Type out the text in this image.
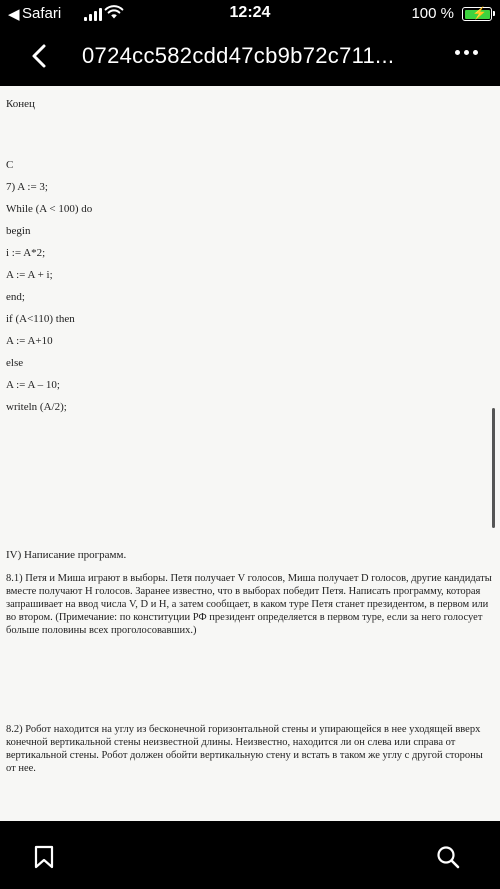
◀ Safari	12:24	100 % ⚡
0724cc582cdd47cb9b72c711...
Конец
С
7) A := 3;
While (A < 100) do
begin
i := A*2;
A := A + i;
end;
if (A<110) then
A := A+10
else
A := A – 10;
writeln (A/2);
IV) Написание программ.
8.1) Петя и Миша играют в выборы. Петя получает V голосов, Миша получает D голосов, другие кандидаты вместе получают H голосов. Заранее известно, что в выборах победит Петя. Написать программу, которая запрашивает на ввод числа V, D и H, а затем сообщает, в каком туре Петя станет президентом, в первом или во втором. (Примечание: по конституции РФ президент определяется в первом туре, если за него голосует больше половины всех проголосовавших.)
8.2) Робот находится на углу из бесконечной горизонтальной стены и упирающейся в нее уходящей вверх конечной вертикальной стены неизвестной длины. Неизвестно, находится ли он слева или справа от вертикальной стены. Робот должен обойти вертикальную стену и встать в таком же углу с другой стороны от нее.
